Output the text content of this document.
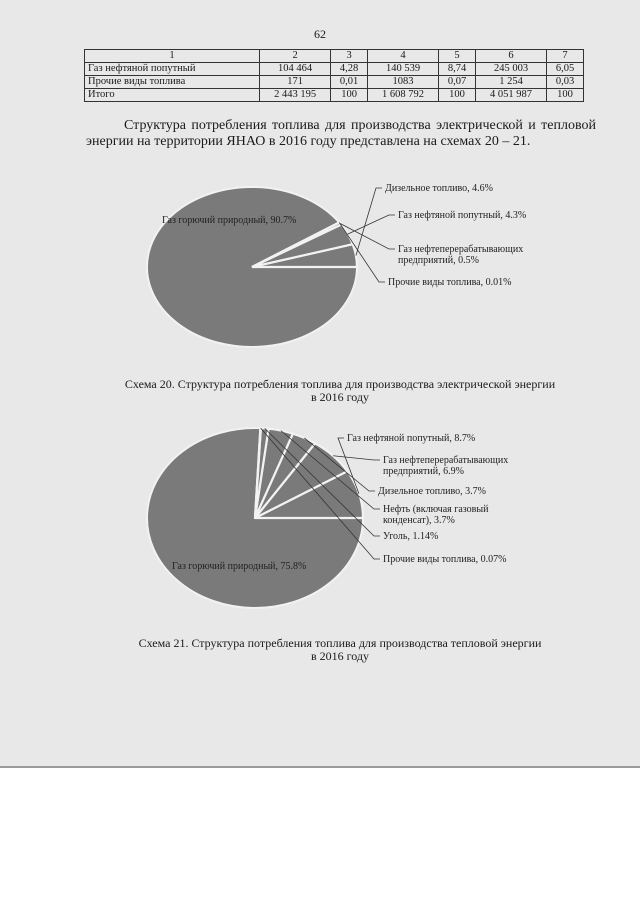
62
1	2	3	4	5	6	7
Газ нефтяной попутный	104 464	4,28	140 539	8,74	245 003	6,05
Прочие виды топлива	171	0,01	1083	0,07	1 254	0,03
Итого	2 443 195	100	1 608 792	100	4 051 987	100
Структура потребления топлива для производства электрической и тепловой энергии на территории ЯНАО в 2016 году представлена на схемах 20 – 21.
Газ горючий природный, 90.7%
Дизельное топливо, 4.6%
Газ нефтяной попутный, 4.3%
Газ нефтеперерабатывающих предприятий, 0.5%
Прочие виды топлива, 0.01%
Схема 20. Структура потребления топлива для производства электрической энергии
в 2016 году
Газ горючий природный, 75.8%
Газ нефтяной попутный, 8.7%
Газ нефтеперерабатывающих предприятий, 6.9%
Дизельное топливо, 3.7%
Нефть (включая газовый конденсат), 3.7%
Уголь, 1.14%
Прочие виды топлива, 0.07%
Схема 21. Структура потребления топлива для производства тепловой энергии
в 2016 году
